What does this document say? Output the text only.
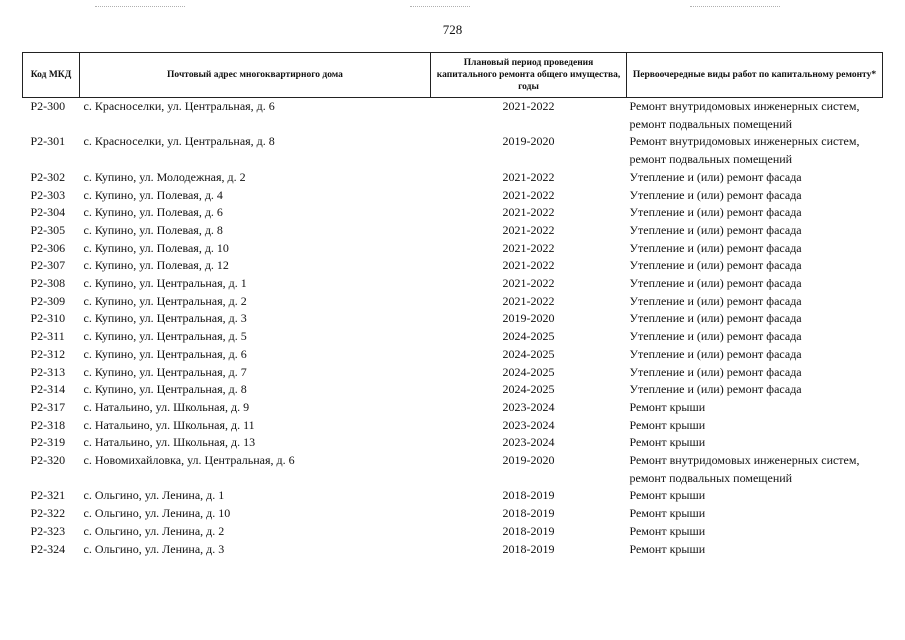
728
Код МКД	Почтовый адрес многоквартирного дома	Плановый период проведения капитального ремонта общего имущества, годы	Первоочередные виды работ по капитальному ремонту*
Р2-300	с. Красноселки, ул. Центральная, д. 6	2021-2022	Ремонт внутридомовых инженерных систем, ремонт подвальных помещений
Р2-301	с. Красноселки, ул. Центральная, д. 8	2019-2020	Ремонт внутридомовых инженерных систем, ремонт подвальных помещений
Р2-302	с. Купино, ул. Молодежная, д. 2	2021-2022	Утепление и (или) ремонт фасада
Р2-303	с. Купино, ул. Полевая, д. 4	2021-2022	Утепление и (или) ремонт фасада
Р2-304	с. Купино, ул. Полевая, д. 6	2021-2022	Утепление и (или) ремонт фасада
Р2-305	с. Купино, ул. Полевая, д. 8	2021-2022	Утепление и (или) ремонт фасада
Р2-306	с. Купино, ул. Полевая, д. 10	2021-2022	Утепление и (или) ремонт фасада
Р2-307	с. Купино, ул. Полевая, д. 12	2021-2022	Утепление и (или) ремонт фасада
Р2-308	с. Купино, ул. Центральная, д. 1	2021-2022	Утепление и (или) ремонт фасада
Р2-309	с. Купино, ул. Центральная, д. 2	2021-2022	Утепление и (или) ремонт фасада
Р2-310	с. Купино, ул. Центральная, д. 3	2019-2020	Утепление и (или) ремонт фасада
Р2-311	с. Купино, ул. Центральная, д. 5	2024-2025	Утепление и (или) ремонт фасада
Р2-312	с. Купино, ул. Центральная, д. 6	2024-2025	Утепление и (или) ремонт фасада
Р2-313	с. Купино, ул. Центральная, д. 7	2024-2025	Утепление и (или) ремонт фасада
Р2-314	с. Купино, ул. Центральная, д. 8	2024-2025	Утепление и (или) ремонт фасада
Р2-317	с. Натальино, ул. Школьная, д. 9	2023-2024	Ремонт крыши
Р2-318	с. Натальино, ул. Школьная, д. 11	2023-2024	Ремонт крыши
Р2-319	с. Натальино, ул. Школьная, д. 13	2023-2024	Ремонт крыши
Р2-320	с. Новомихайловка, ул. Центральная, д. 6	2019-2020	Ремонт внутридомовых инженерных систем, ремонт подвальных помещений
Р2-321	с. Ольгино, ул. Ленина, д. 1	2018-2019	Ремонт крыши
Р2-322	с. Ольгино, ул. Ленина, д. 10	2018-2019	Ремонт крыши
Р2-323	с. Ольгино, ул. Ленина, д. 2	2018-2019	Ремонт крыши
Р2-324	с. Ольгино, ул. Ленина, д. 3	2018-2019	Ремонт крыши
